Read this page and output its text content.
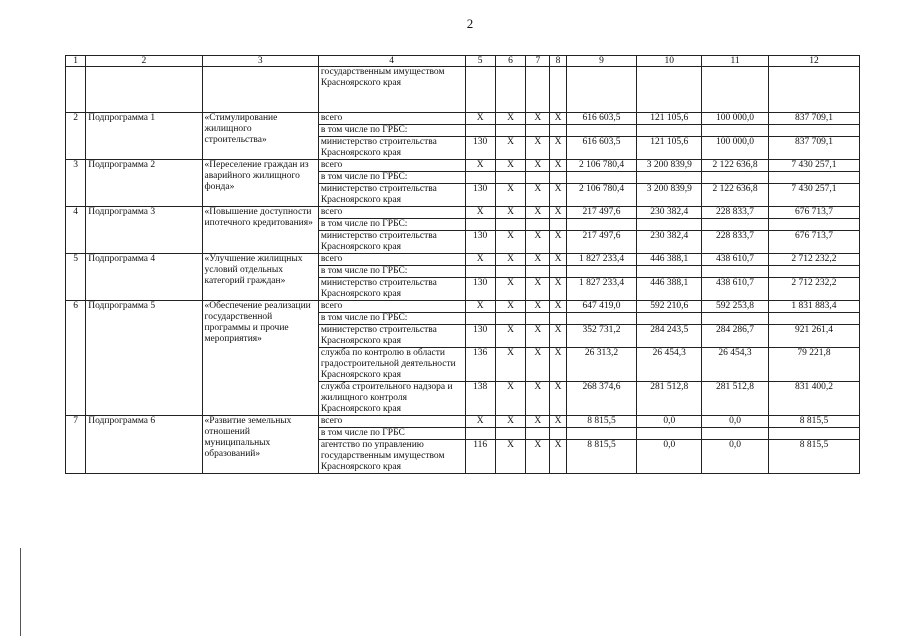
2
1	2	3	4	5	6	7	8	9	10	11	12
			государственным имуществом Красноярского края								
2	Подпрограмма 1	«Стимулирование жилищного строительства»	всего	X	X	X	X	616 603,5	121 105,6	100 000,0	837 709,1
			в том числе по ГРБС:								
			министерство строительства Красноярского края	130	X	X	X	616 603,5	121 105,6	100 000,0	837 709,1
3	Подпрограмма 2	«Переселение граждан из аварийного жилищного фонда»	всего	X	X	X	X	2 106 780,4	3 200 839,9	2 122 636,8	7 430 257,1
			в том числе по ГРБС:								
			министерство строительства Красноярского края	130	X	X	X	2 106 780,4	3 200 839,9	2 122 636,8	7 430 257,1
4	Подпрограмма 3	«Повышение доступности ипотечного кредитования»	всего	X	X	X	X	217 497,6	230 382,4	228 833,7	676 713,7
			в том числе по ГРБС:								
			министерство строительства Красноярского края	130	X	X	X	217 497,6	230 382,4	228 833,7	676 713,7
5	Подпрограмма 4	«Улучшение жилищных условий отдельных категорий граждан»	всего	X	X	X	X	1 827 233,4	446 388,1	438 610,7	2 712 232,2
			в том числе по ГРБС:								
			министерство строительства Красноярского края	130	X	X	X	1 827 233,4	446 388,1	438 610,7	2 712 232,2
6	Подпрограмма 5	«Обеспечение реализации государственной программы и прочие мероприятия»	всего	X	X	X	X	647 419,0	592 210,6	592 253,8	1 831 883,4
			в том числе по ГРБС:								
			министерство строительства Красноярского края	130	X	X	X	352 731,2	284 243,5	284 286,7	921 261,4
			служба по контролю в области градостроительной деятельности Красноярского края	136	X	X	X	26 313,2	26 454,3	26 454,3	79 221,8
			служба строительного надзора и жилищного контроля Красноярского края	138	X	X	X	268 374,6	281 512,8	281 512,8	831 400,2
7	Подпрограмма 6	«Развитие земельных отношений муниципальных образований»	всего	X	X	X	X	8 815,5	0,0	0,0	8 815,5
			в том числе по ГРБС								
			агентство по управлению государственным имуществом Красноярского края	116	X	X	X	8 815,5	0,0	0,0	8 815,5
